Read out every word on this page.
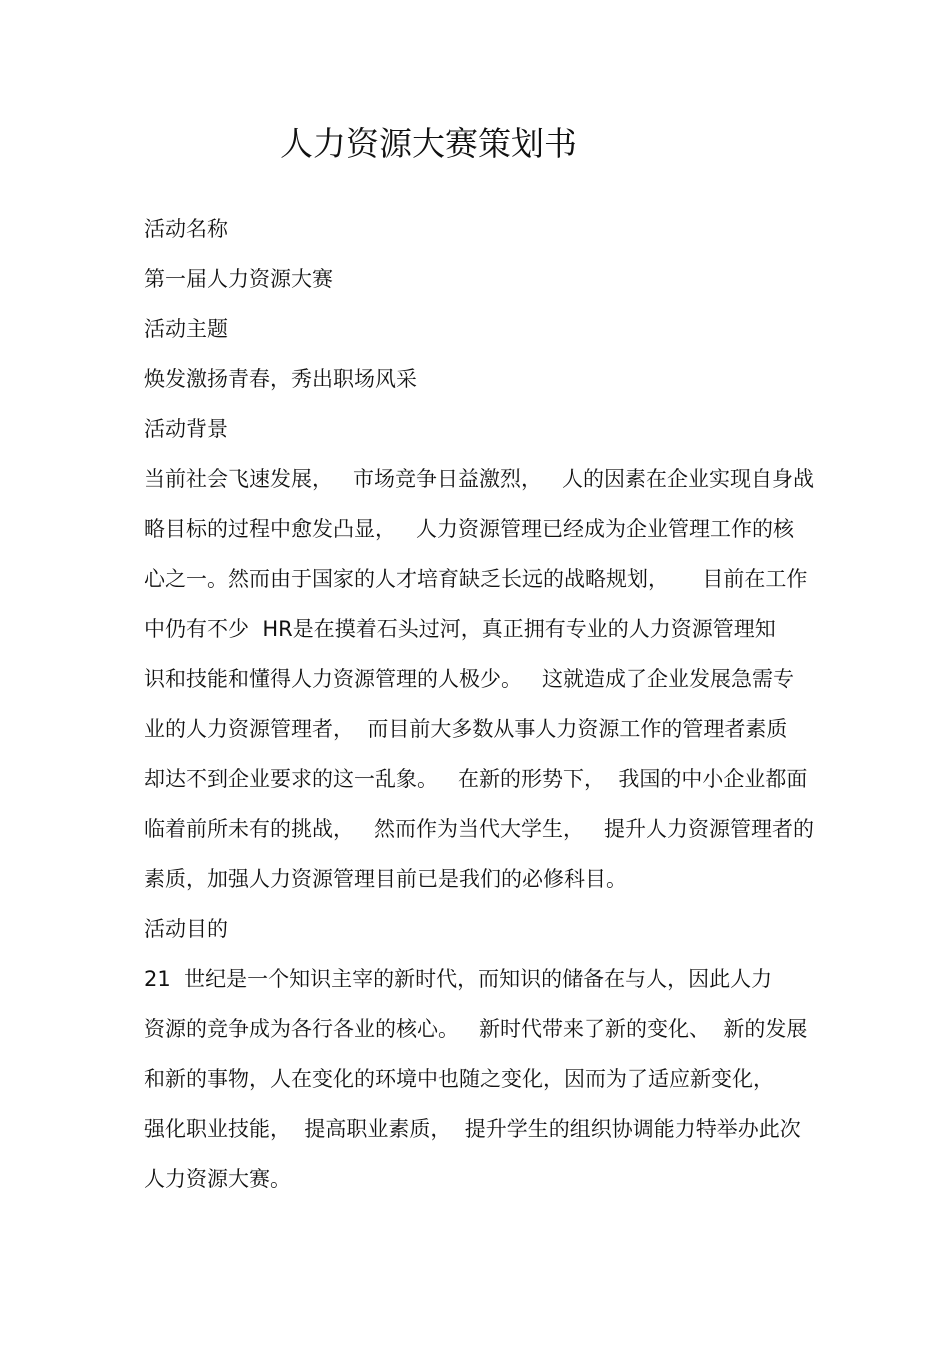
人力资源大赛策划书

活动名称

第一届人力资源大赛

活动主题

焕发激扬青春，秀出职场风采

活动背景

当前社会飞速发展，   市场竞争日益激烈，   人的因素在企业实现自身战

略目标的过程中愈发凸显，   人力资源管理已经成为企业管理工作的核

心之一。然而由于国家的人才培育缺乏长远的战略规划，     目前在工作

中仍有不少  HR是在摸着石头过河，真正拥有专业的人力资源管理知

识和技能和懂得人力资源管理的人极少。   这就造成了企业发展急需专

业的人力资源管理者，  而目前大多数从事人力资源工作的管理者素质

却达不到企业要求的这一乱象。   在新的形势下，  我国的中小企业都面

临着前所未有的挑战，   然而作为当代大学生，   提升人力资源管理者的

素质，加强人力资源管理目前已是我们的必修科目。

活动目的

21  世纪是一个知识主宰的新时代，而知识的储备在与人，因此人力

资源的竞争成为各行各业的核心。   新时代带来了新的变化、  新的发展

和新的事物，人在变化的环境中也随之变化，因而为了适应新变化，

强化职业技能，  提高职业素质，  提升学生的组织协调能力特举办此次

人力资源大赛。
